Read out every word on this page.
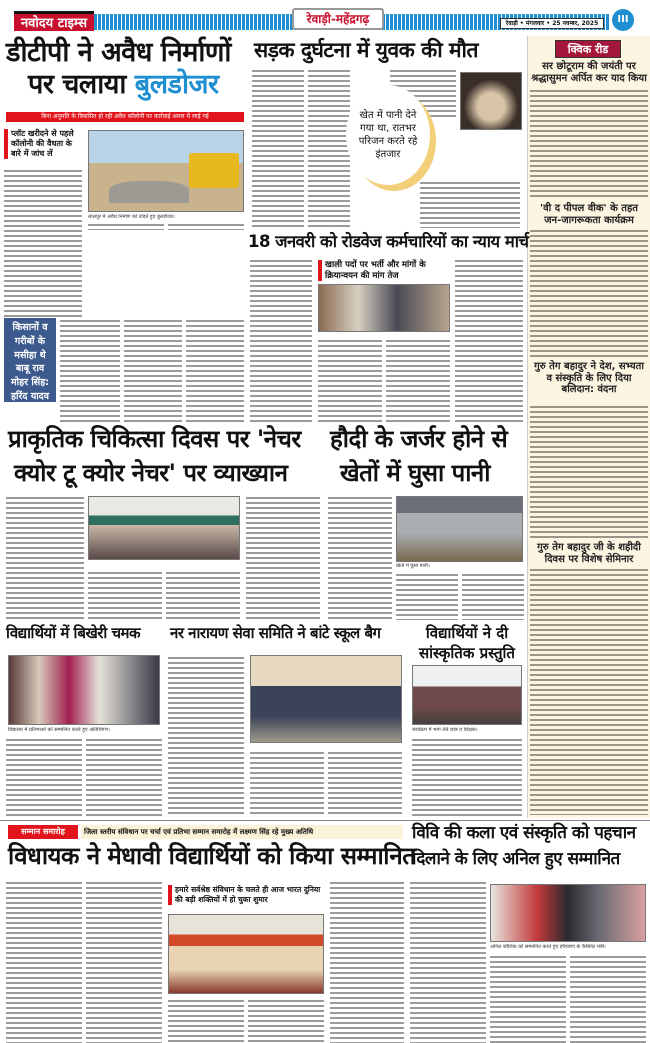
नवोदय टाइम्स	रेवाड़ी-महेंद्रगढ़	रेवाड़ी • मंगलवार • 25 नवम्बर, 2025	III
डीटीपी ने अवैध निर्माणों
पर चलाया बुलडोजर
बिना अनुमति के विकसित हो रही अवैध कॉलोनी पर कार्रवाई अमल में लाई गई
प्लॉट खरीदने से पहले कॉलोनी की वैधता के बारे में जांच लें
लालपुर में अवैध निर्माण को तोड़ते हुए बुलडोजर।
सड़क दुर्घटना में युवक की मौत
खेत में पानी देने गया था, रातभर परिजन करते रहे इंतजार
क्विक रीड
सर छोटूराम की जयंती पर श्रद्धासुमन अर्पित कर याद किया
'वी द पीपल वीक' के तहत जन-जागरूकता कार्यक्रम
गुरु तेग बहादुर ने देश, सभ्यता व संस्कृति के लिए दिया बलिदान: वंदना
गुरु तेग बहादुर जी के शहीदी दिवस पर विशेष सेमिनार
18 जनवरी को रोडवेज कर्मचारियों का न्याय मार्च
खाली पदों पर भर्ती और मांगों के क्रियान्वयन की मांग तेज
किसानों व गरीबों के मसीहा थे बाबू राव मोहर सिंह: हरिंद यादव
प्राकृतिक चिकित्सा दिवस पर 'नेचर
क्योर टू क्योर नेचर' पर व्याख्यान
हौदी के जर्जर होने से
खेतों में घुसा पानी
खेतों में घुसा पानी।
विद्यार्थियों में बिखेरी चमक नर नारायण सेवा समिति ने बांटे स्कूल बैग	विद्यार्थियों ने दी सांस्कृतिक प्रस्तुति
विद्यालय में प्रतिभाओं को सम्मानित करते हुए अतिथिगण।	कार्यक्रम में भाग लेते छात्र व शिक्षक।
सम्मान समारोह	जिला स्तरीय संविधान पर चर्चा एवं प्रतिभा सम्मान समारोह में लक्ष्मण सिंह रहे मुख्य अतिथि
विधायक ने मेधावी विद्यार्थियों को किया सम्मानित
विवि की कला एवं संस्कृति को पहचान
दिलाने के लिए अनिल हुए सम्मानित
हमारे सर्वश्रेष्ठ संविधान के चलते ही आज भारत दुनिया की बड़ी शक्तियों में हो चुका शुमार
अनिल कौशिक को सम्मानित करते हुए हरियाणा के कैबिनेट मंत्री।
